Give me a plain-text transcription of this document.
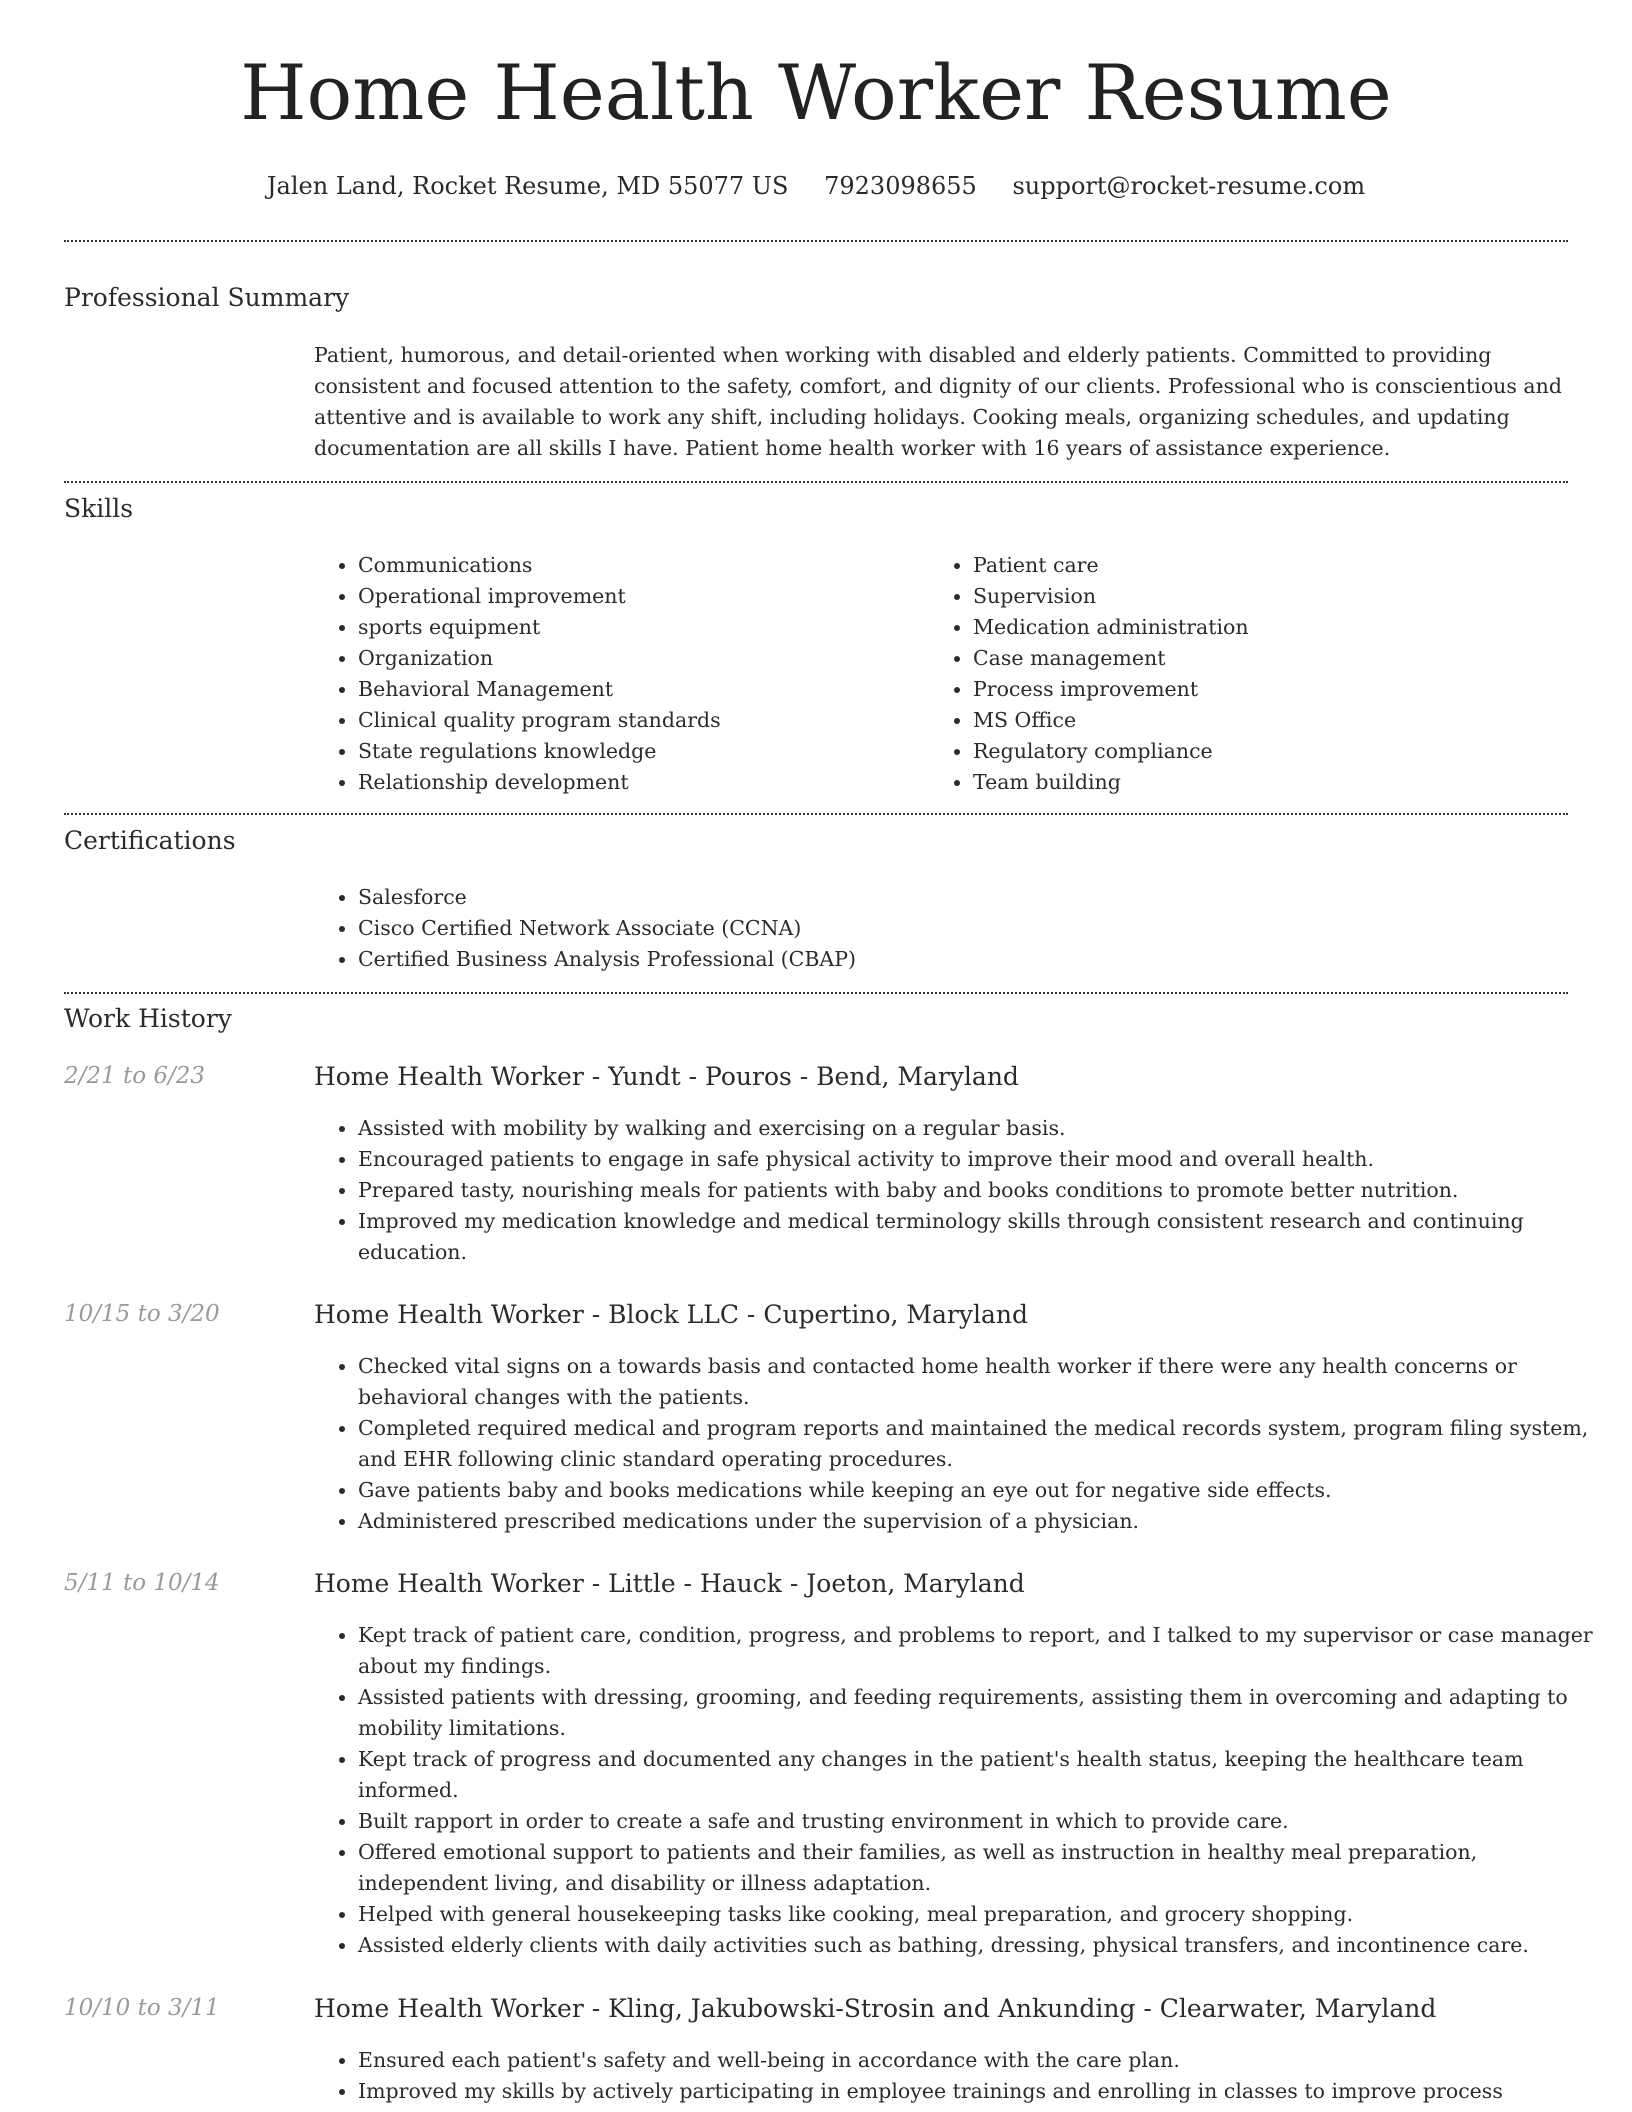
Home Health Worker Resume
Jalen Land, Rocket Resume, MD 55077 US 7923098655 support@rocket-resume.com
Professional Summary
Patient, humorous, and detail-oriented when working with disabled and elderly patients. Committed to providing consistent and focused attention to the safety, comfort, and dignity of our clients. Professional who is conscientious and attentive and is available to work any shift, including holidays. Cooking meals, organizing schedules, and updating documentation are all skills I have. Patient home health worker with 16 years of assistance experience.
Skills
• Communications
• Operational improvement
• sports equipment
• Organization
• Behavioral Management
• Clinical quality program standards
• State regulations knowledge
• Relationship development
• Patient care
• Supervision
• Medication administration
• Case management
• Process improvement
• MS Office
• Regulatory compliance
• Team building
Certifications
• Salesforce
• Cisco Certified Network Associate (CCNA)
• Certified Business Analysis Professional (CBAP)
Work History
2/21 to 6/23	Home Health Worker - Yundt - Pouros - Bend, Maryland
• Assisted with mobility by walking and exercising on a regular basis.
• Encouraged patients to engage in safe physical activity to improve their mood and overall health.
• Prepared tasty, nourishing meals for patients with baby and books conditions to promote better nutrition.
• Improved my medication knowledge and medical terminology skills through consistent research and continuing education.
10/15 to 3/20	Home Health Worker - Block LLC - Cupertino, Maryland
• Checked vital signs on a towards basis and contacted home health worker if there were any health concerns or behavioral changes with the patients.
• Completed required medical and program reports and maintained the medical records system, program filing system, and EHR following clinic standard operating procedures.
• Gave patients baby and books medications while keeping an eye out for negative side effects.
• Administered prescribed medications under the supervision of a physician.
5/11 to 10/14	Home Health Worker - Little - Hauck - Joeton, Maryland
• Kept track of patient care, condition, progress, and problems to report, and I talked to my supervisor or case manager about my findings.
• Assisted patients with dressing, grooming, and feeding requirements, assisting them in overcoming and adapting to mobility limitations.
• Kept track of progress and documented any changes in the patient's health status, keeping the healthcare team informed.
• Built rapport in order to create a safe and trusting environment in which to provide care.
• Offered emotional support to patients and their families, as well as instruction in healthy meal preparation, independent living, and disability or illness adaptation.
• Helped with general housekeeping tasks like cooking, meal preparation, and grocery shopping.
• Assisted elderly clients with daily activities such as bathing, dressing, physical transfers, and incontinence care.
10/10 to 3/11	Home Health Worker - Kling, Jakubowski-Strosin and Ankunding - Clearwater, Maryland
• Ensured each patient's safety and well-being in accordance with the care plan.
• Improved my skills by actively participating in employee trainings and enrolling in classes to improve process
